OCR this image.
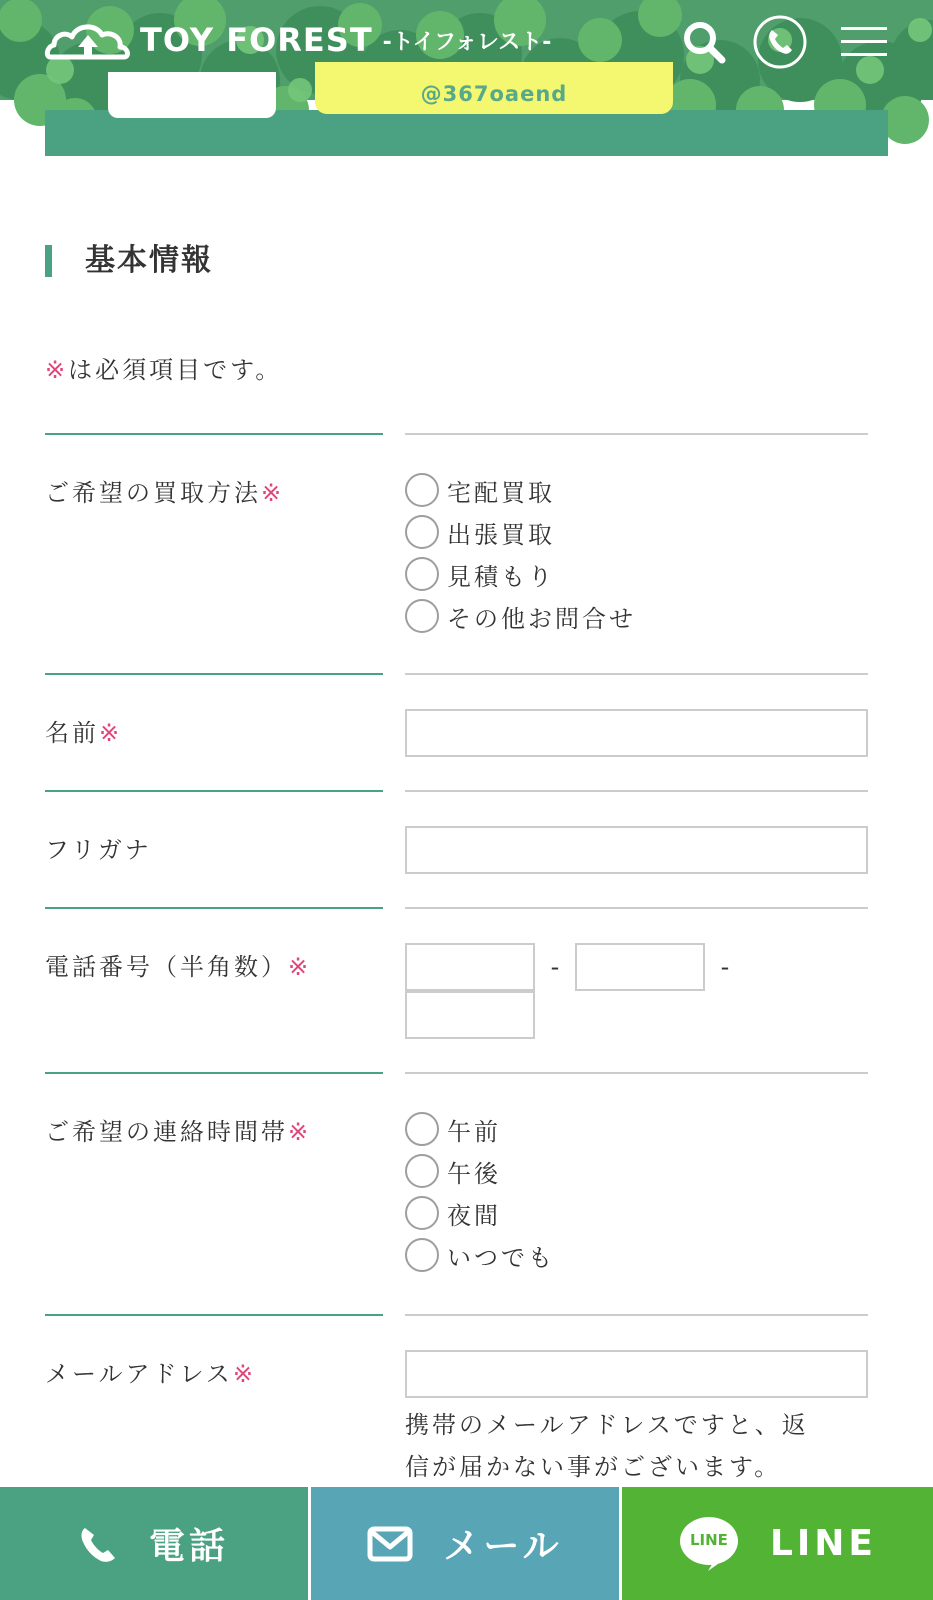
@367oaend
TOY FOREST -トイフォレスト-
基本情報
※は必須項目です。
ご希望の買取方法※	宅配買取
出張買取
見積もり
その他お問合せ
名前※
フリガナ
電話番号（半角数）※	-	-
ご希望の連絡時間帯※	午前
午後
夜間
いつでも
メールアドレス※
携帯のメールアドレスですと、返
信が届かない事がございます。
電話	メール	LINE	LINE
